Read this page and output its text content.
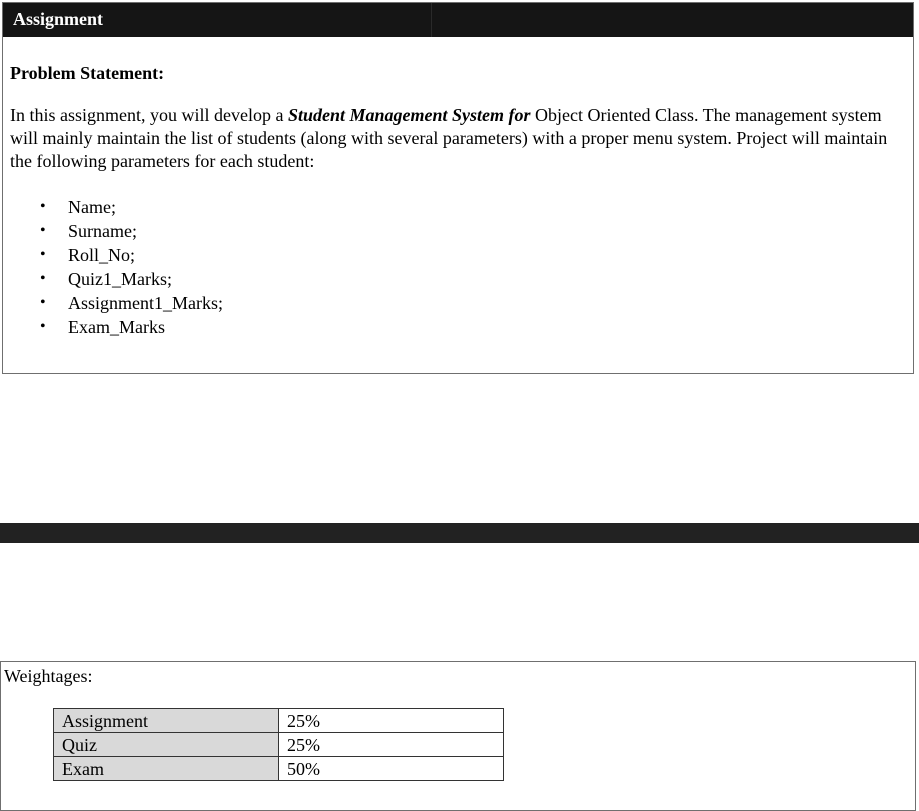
Assignment
Problem Statement:
In this assignment, you will develop a Student Management System for Object Oriented Class. The management system will mainly maintain the list of students (along with several parameters) with a proper menu system. Project will maintain the following parameters for each student:
• Name;
• Surname;
• Roll_No;
• Quiz1_Marks;
• Assignment1_Marks;
• Exam_Marks
Weightages:
Assignment	25%
Quiz	25%
Exam	50%
